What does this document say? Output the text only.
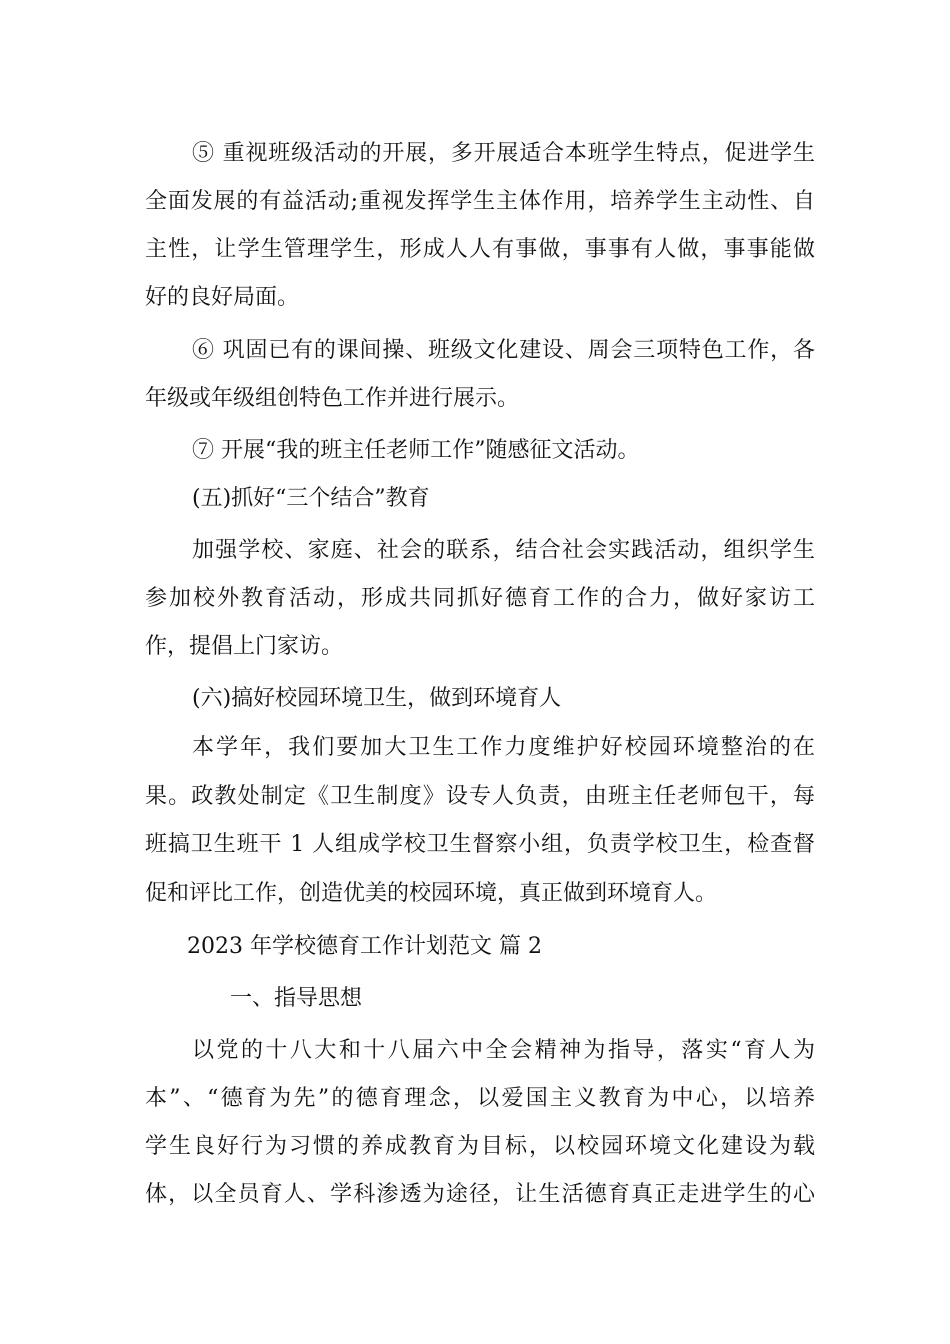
⑤ 重视班级活动的开展，多开展适合本班学生特点，促进学生
全面发展的有益活动;重视发挥学生主体作用，培养学生主动性、自
主性，让学生管理学生，形成人人有事做，事事有人做，事事能做
好的良好局面。
⑥ 巩固已有的课间操、班级文化建设、周会三项特色工作，各
年级或年级组创特色工作并进行展示。
⑦ 开展“我的班主任老师工作”随感征文活动。
(五)抓好“三个结合”教育
加强学校、家庭、社会的联系，结合社会实践活动，组织学生
参加校外教育活动，形成共同抓好德育工作的合力，做好家访工
作，提倡上门家访。
(六)搞好校园环境卫生，做到环境育人
本学年，我们要加大卫生工作力度维护好校园环境整治的在
果。政教处制定《卫生制度》设专人负责，由班主任老师包干，每
班搞卫生班干 1 人组成学校卫生督察小组，负责学校卫生，检查督
促和评比工作，创造优美的校园环境，真正做到环境育人。
2023 年学校德育工作计划范文 篇 2
一、指导思想
以党的十八大和十八届六中全会精神为指导，落实“育人为
本”、“德育为先”的德育理念，以爱国主义教育为中心，以培养
学生良好行为习惯的养成教育为目标，以校园环境文化建设为载
体，以全员育人、学科渗透为途径，让生活德育真正走进学生的心
